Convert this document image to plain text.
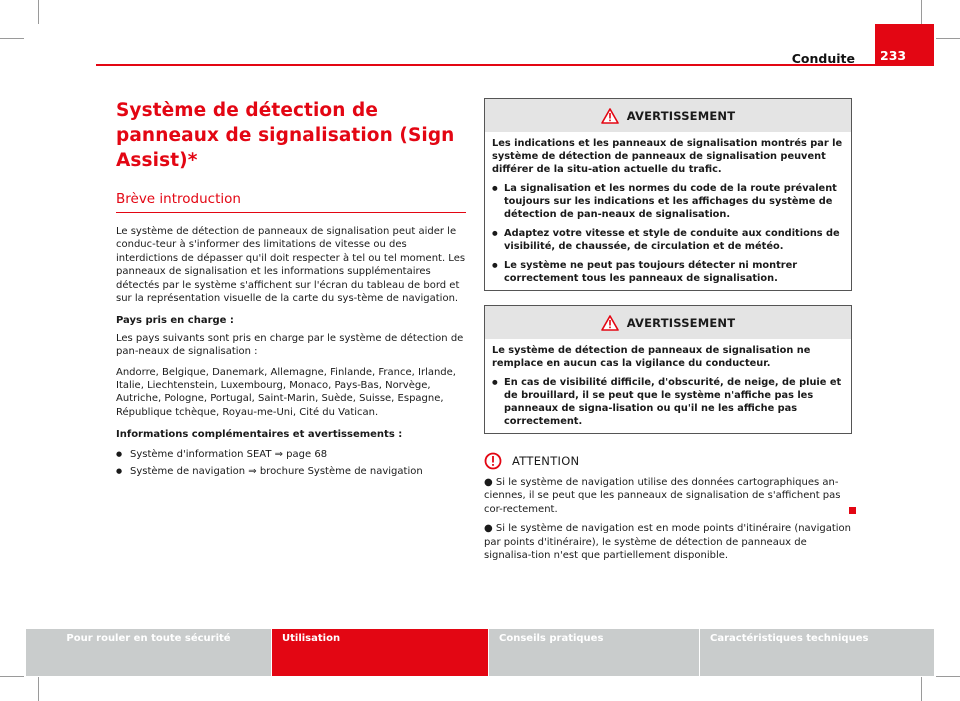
Conduite	233
Système de détection de panneaux de signalisation (Sign Assist)*
Brève introduction

Le système de détection de panneaux de signalisation peut aider le conduc-teur à s'informer des limitations de vitesse ou des interdictions de dépasser qu'il doit respecter à tel ou tel moment. Les panneaux de signalisation et les informations supplémentaires détectés par le système s'affichent sur l'écran du tableau de bord et sur la représentation visuelle de la carte du sys-tème de navigation.

Pays pris en charge :

Les pays suivants sont pris en charge par le système de détection de pan-neaux de signalisation :

Andorre, Belgique, Danemark, Allemagne, Finlande, France, Irlande, Italie, Liechtenstein, Luxembourg, Monaco, Pays-Bas, Norvège, Autriche, Pologne, Portugal, Saint-Marin, Suède, Suisse, Espagne, République tchèque, Royau-me-Uni, Cité du Vatican.

Informations complémentaires et avertissements :

● Système d'information SEAT ⇒ page 68

● Système de navigation ⇒ brochure Système de navigation

AVERTISSEMENT

Les indications et les panneaux de signalisation montrés par le système de détection de panneaux de signalisation peuvent différer de la situ-ation actuelle du trafic.

● La signalisation et les normes du code de la route prévalent toujours sur les indications et les affichages du système de détection de pan-neaux de signalisation.

● Adaptez votre vitesse et style de conduite aux conditions de visibilité, de chaussée, de circulation et de météo.

● Le système ne peut pas toujours détecter ni montrer correctement tous les panneaux de signalisation.

AVERTISSEMENT

Le système de détection de panneaux de signalisation ne remplace en aucun cas la vigilance du conducteur.

● En cas de visibilité difficile, d'obscurité, de neige, de pluie et de brouillard, il se peut que le système n'affiche pas les panneaux de signa-lisation ou qu'il ne les affiche pas correctement.

ATTENTION

● Si le système de navigation utilise des données cartographiques an-ciennes, il se peut que les panneaux de signalisation de s'affichent pas cor-rectement.

● Si le système de navigation est en mode points d'itinéraire (navigation par points d'itinéraire), le système de détection de panneaux de signalisa-tion n'est que partiellement disponible.

Pour rouler en toute sécurité	Utilisation	Conseils pratiques	Caractéristiques techniques
